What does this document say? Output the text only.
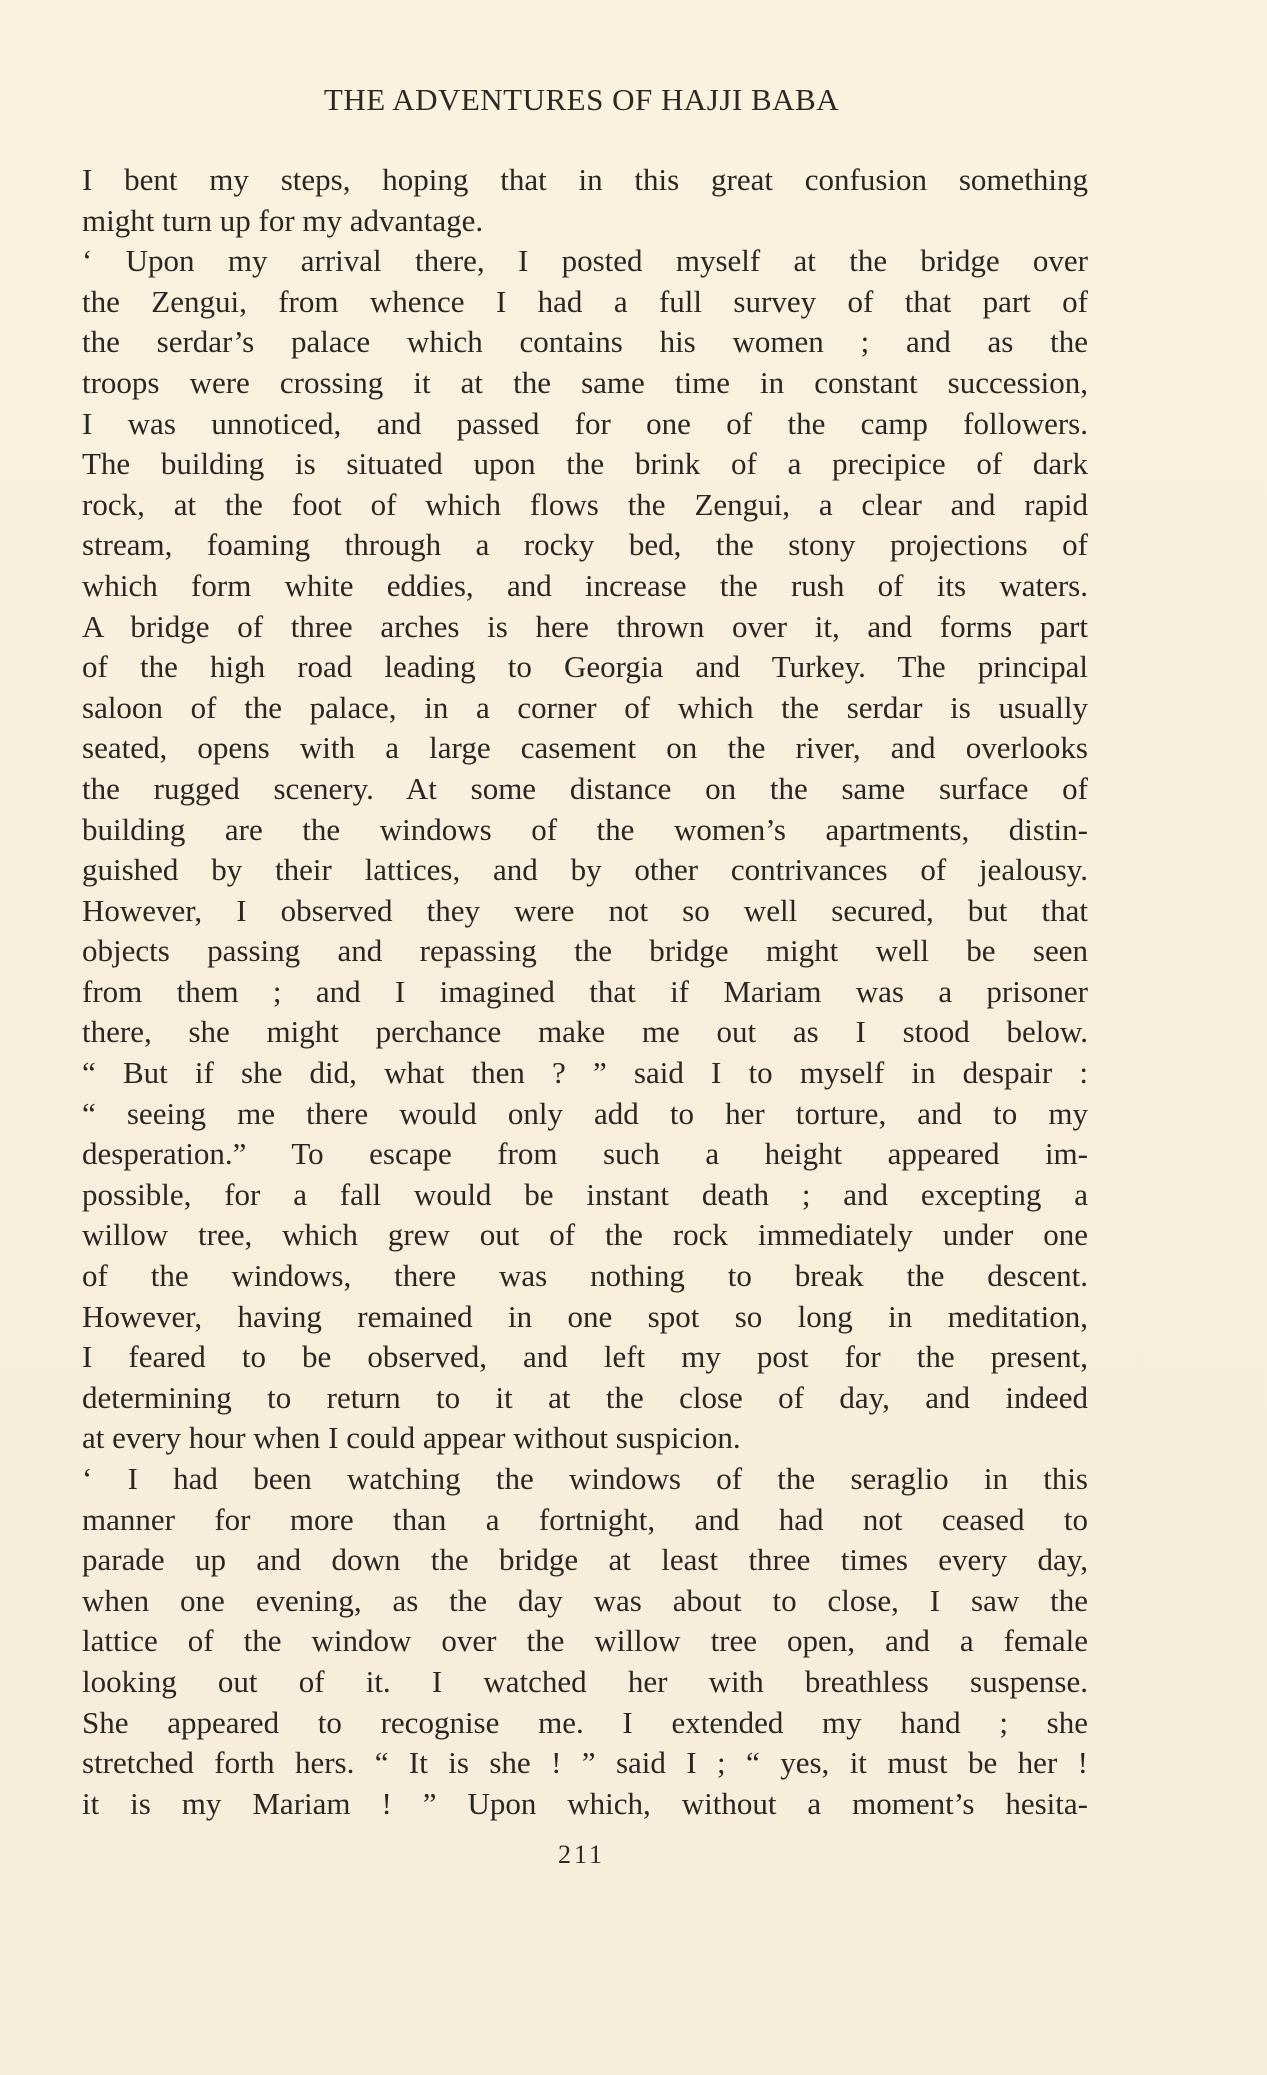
THE ADVENTURES OF HAJJI BABA
I bent my steps, hoping that in this great confusion something
might turn up for my advantage.
‘ Upon my arrival there, I posted myself at the bridge over
the Zengui, from whence I had a full survey of that part of
the serdar’s palace which contains his women ; and as the
troops were crossing it at the same time in constant succession,
I was unnoticed, and passed for one of the camp followers.
The building is situated upon the brink of a precipice of dark
rock, at the foot of which flows the Zengui, a clear and rapid
stream, foaming through a rocky bed, the stony projections of
which form white eddies, and increase the rush of its waters.
A bridge of three arches is here thrown over it, and forms part
of the high road leading to Georgia and Turkey. The principal
saloon of the palace, in a corner of which the serdar is usually
seated, opens with a large casement on the river, and overlooks
the rugged scenery. At some distance on the same surface of
building are the windows of the women’s apartments, distin-
guished by their lattices, and by other contrivances of jealousy.
However, I observed they were not so well secured, but that
objects passing and repassing the bridge might well be seen
from them ; and I imagined that if Mariam was a prisoner
there, she might perchance make me out as I stood below.
“ But if she did, what then ? ” said I to myself in despair :
“ seeing me there would only add to her torture, and to my
desperation.” To escape from such a height appeared im-
possible, for a fall would be instant death ; and excepting a
willow tree, which grew out of the rock immediately under one
of the windows, there was nothing to break the descent.
However, having remained in one spot so long in meditation,
I feared to be observed, and left my post for the present,
determining to return to it at the close of day, and indeed
at every hour when I could appear without suspicion.
‘ I had been watching the windows of the seraglio in this
manner for more than a fortnight, and had not ceased to
parade up and down the bridge at least three times every day,
when one evening, as the day was about to close, I saw the
lattice of the window over the willow tree open, and a female
looking out of it. I watched her with breathless suspense.
She appeared to recognise me. I extended my hand ; she
stretched forth hers. “ It is she ! ” said I ; “ yes, it must be her !
it is my Mariam ! ” Upon which, without a moment’s hesita-
211
